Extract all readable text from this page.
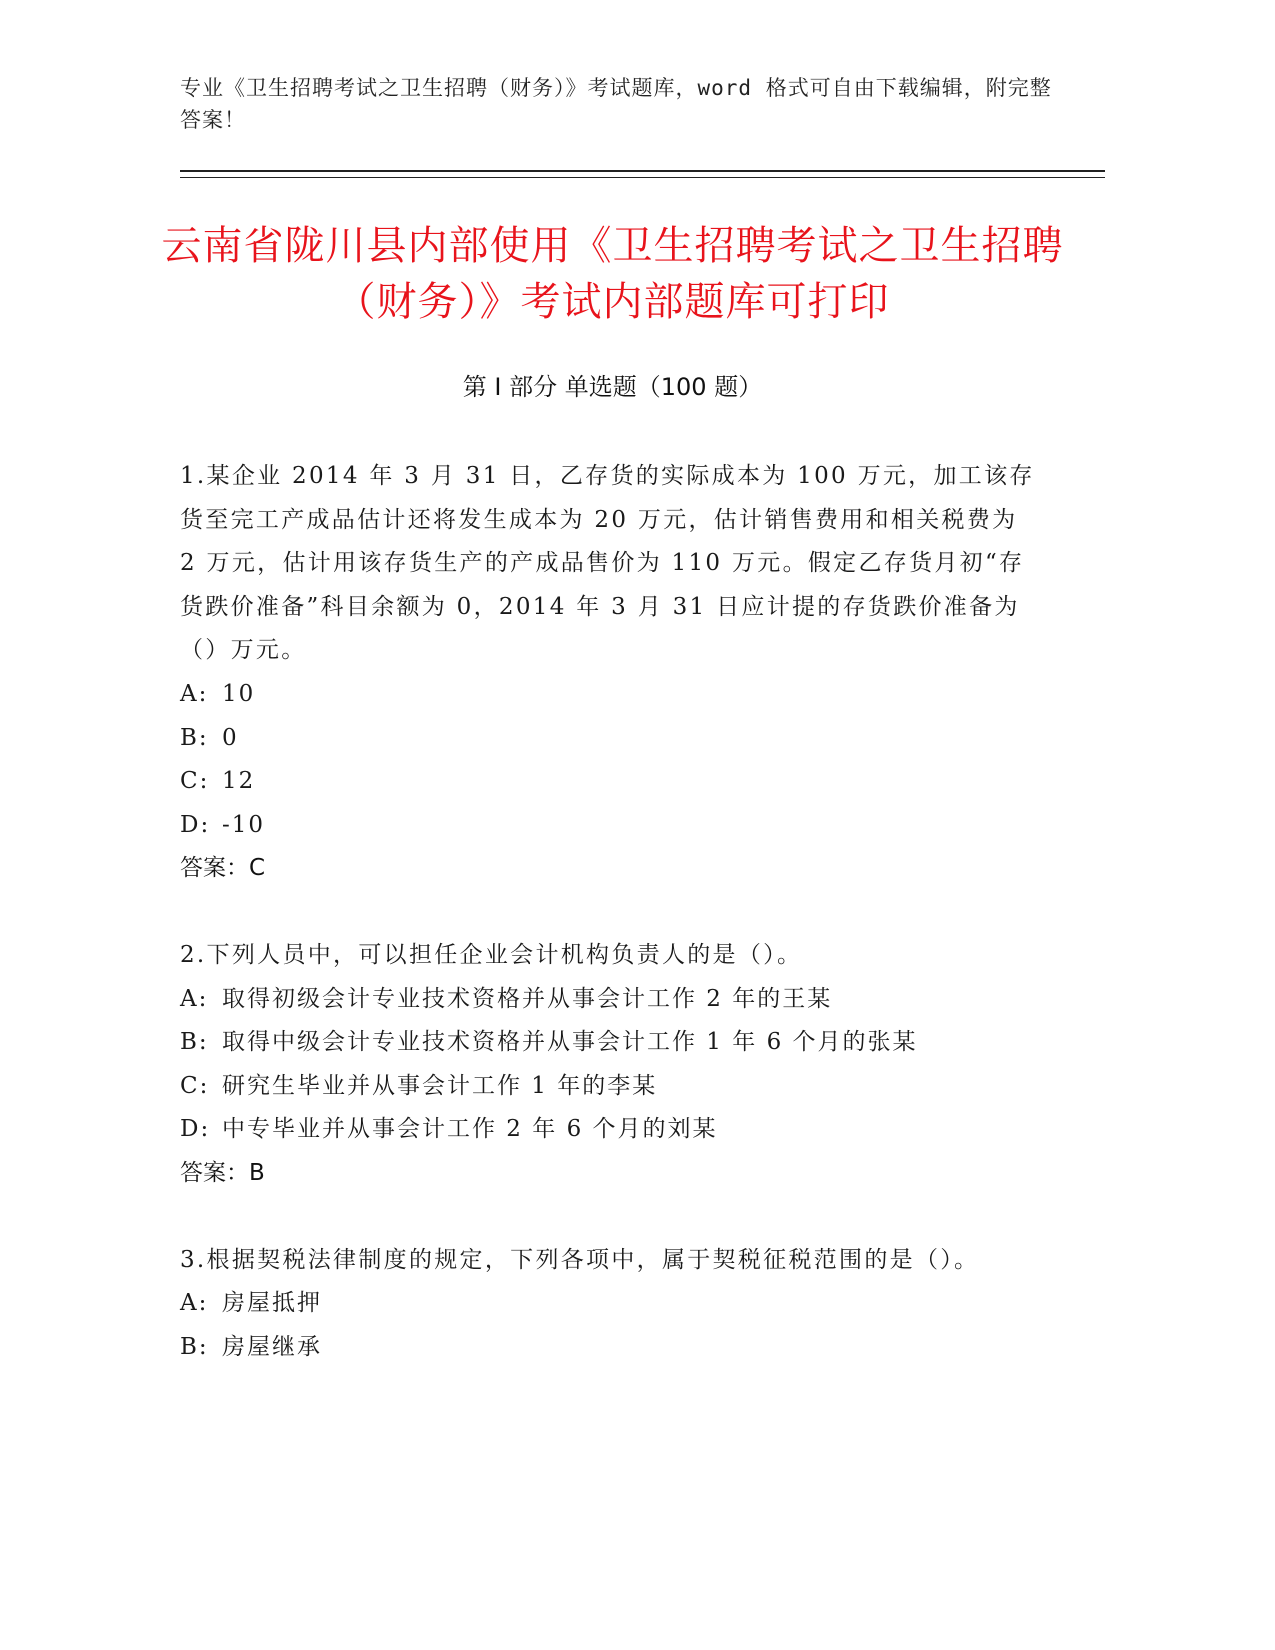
专业《卫生招聘考试之卫生招聘（财务）》考试题库，word 格式可自由下载编辑，附完整答案！
云南省陇川县内部使用《卫生招聘考试之卫生招聘（财务）》考试内部题库可打印
第 I 部分 单选题（100 题）

1.某企业 2014 年 3 月 31 日，乙存货的实际成本为 100 万元，加工该存货至完工产成品估计还将发生成本为 20 万元，估计销售费用和相关税费为 2 万元，估计用该存货生产的产成品售价为 110 万元。假定乙存货月初“存货跌价准备”科目余额为 0，2014 年 3 月 31 日应计提的存货跌价准备为（）万元。

A: 10
B: 0
C: 12
D: -10
答案：C

2.下列人员中，可以担任企业会计机构负责人的是（）。

A: 取得初级会计专业技术资格并从事会计工作 2 年的王某
B: 取得中级会计专业技术资格并从事会计工作 1 年 6 个月的张某
C: 研究生毕业并从事会计工作 1 年的李某
D: 中专毕业并从事会计工作 2 年 6 个月的刘某
答案：B

3.根据契税法律制度的规定，下列各项中，属于契税征税范围的是（）。

A: 房屋抵押
B: 房屋继承
